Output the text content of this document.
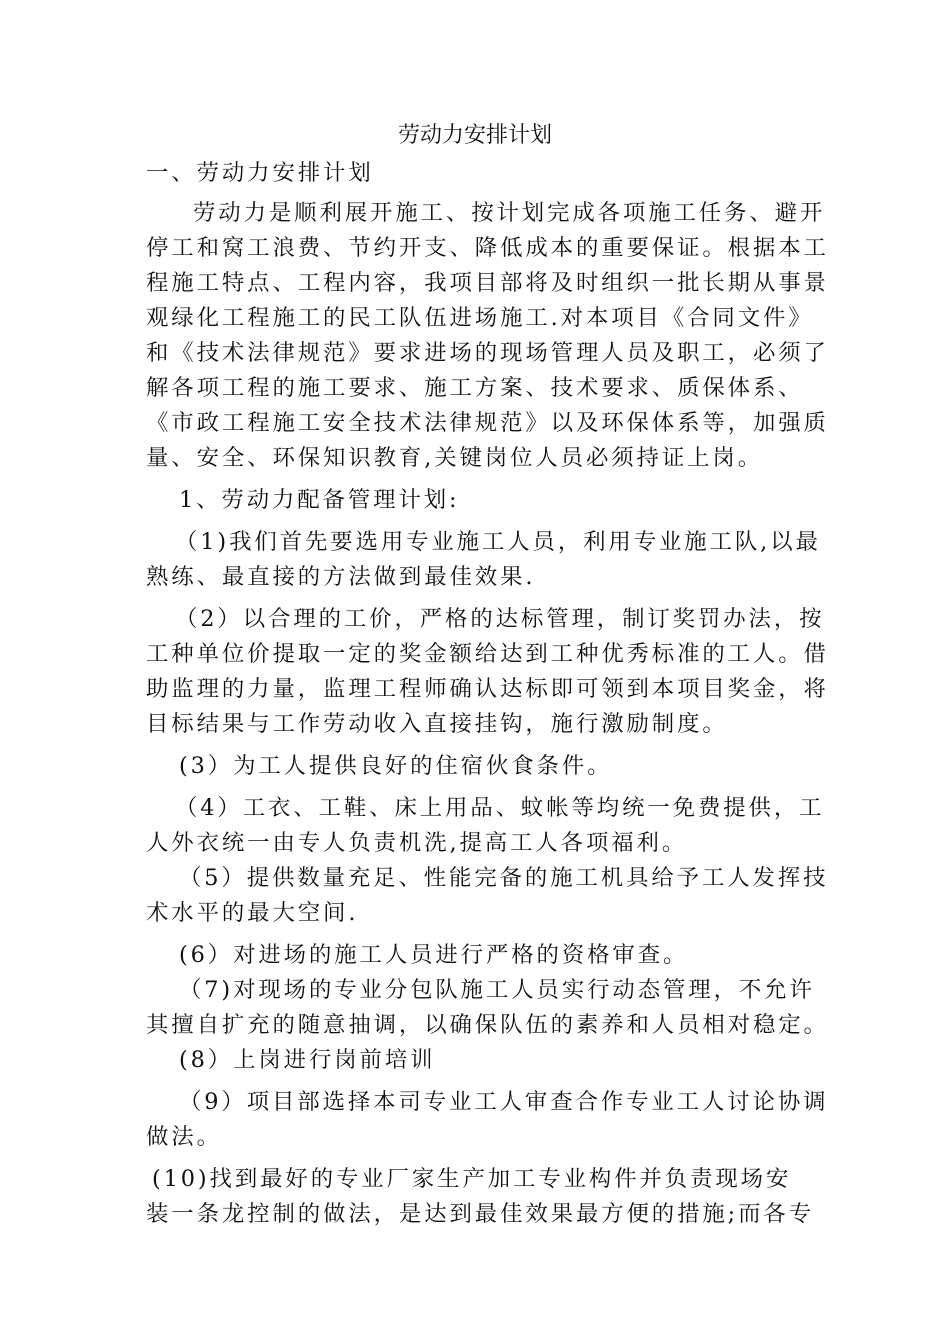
劳动力安排计划
一、劳动力安排计划
劳动力是顺利展开施工、按计划完成各项施工任务、避开
停工和窝工浪费、节约开支、降低成本的重要保证。根据本工
程施工特点、工程内容，我项目部将及时组织一批长期从事景
观绿化工程施工的民工队伍进场施工.对本项目《合同文件》
和《技术法律规范》要求进场的现场管理人员及职工，必须了
解各项工程的施工要求、施工方案、技术要求、质保体系、
《市政工程施工安全技术法律规范》以及环保体系等，加强质
量、安全、环保知识教育,关键岗位人员必须持证上岗。
1、劳动力配备管理计划:
（1)我们首先要选用专业施工人员，利用专业施工队,以最
熟练、最直接的方法做到最佳效果.
（2）以合理的工价，严格的达标管理，制订奖罚办法，按
工种单位价提取一定的奖金额给达到工种优秀标准的工人。借
助监理的力量，监理工程师确认达标即可领到本项目奖金，将
目标结果与工作劳动收入直接挂钩，施行激励制度。
(3）为工人提供良好的住宿伙食条件。
（4）工衣、工鞋、床上用品、蚊帐等均统一免费提供，工
人外衣统一由专人负责机洗,提高工人各项福利。
（5）提供数量充足、性能完备的施工机具给予工人发挥技
术水平的最大空间.
(6）对进场的施工人员进行严格的资格审查。
（7)对现场的专业分包队施工人员实行动态管理，不允许
其擅自扩充的随意抽调，以确保队伍的素养和人员相对稳定。
(8）上岗进行岗前培训
（9）项目部选择本司专业工人审查合作专业工人讨论协调
做法。
(10)找到最好的专业厂家生产加工专业构件并负责现场安
装一条龙控制的做法，是达到最佳效果最方便的措施;而各专
